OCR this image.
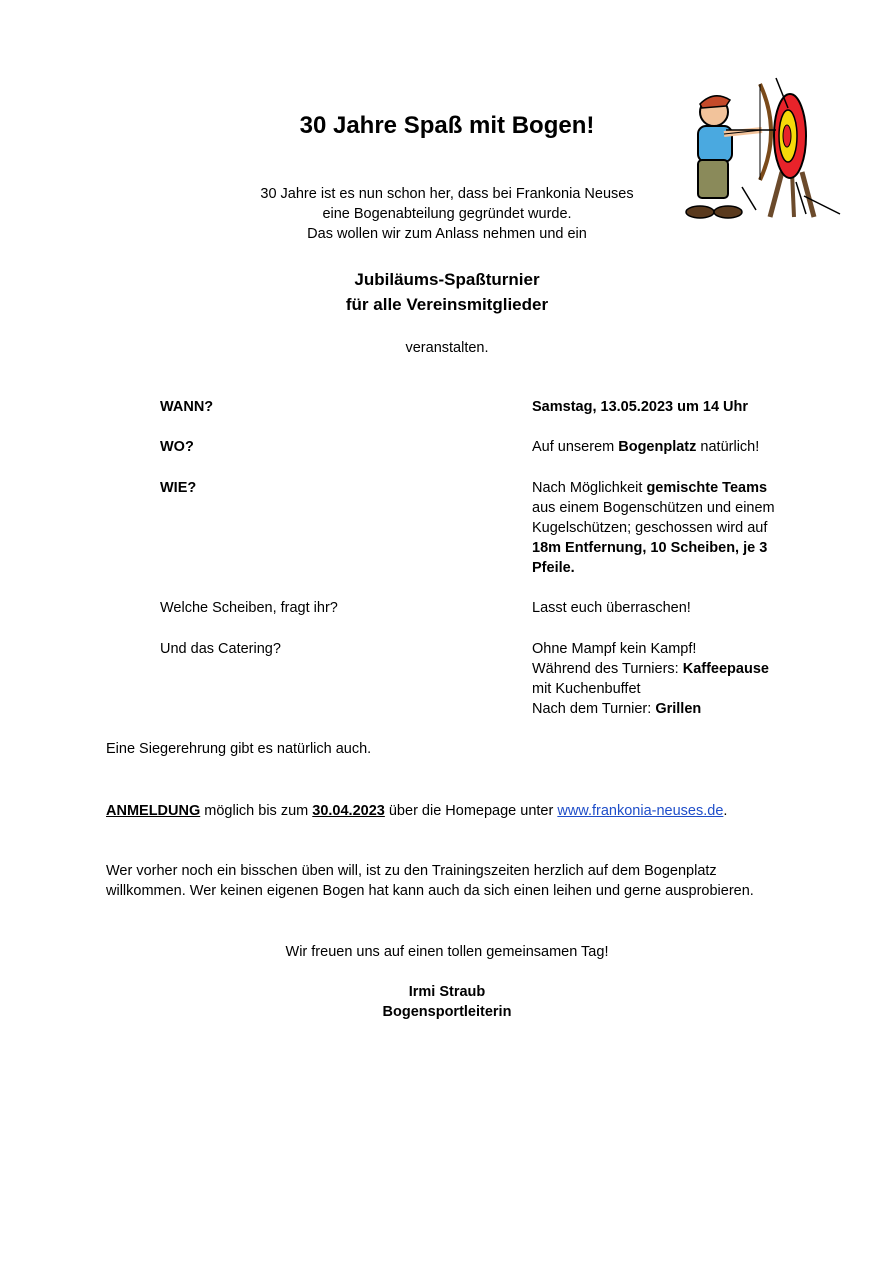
30 Jahre Spaß mit Bogen!
30 Jahre ist es nun schon her, dass bei Frankonia Neuses
eine Bogenabteilung gegründet wurde.
Das wollen wir zum Anlass nehmen und ein
Jubiläums-Spaßturnier
für alle Vereinsmitglieder
veranstalten.
WANN?	Samstag, 13.05.2023 um 14 Uhr
WO?	Auf unserem Bogenplatz natürlich!
WIE?	Nach Möglichkeit gemischte Teams
aus einem Bogenschützen und einem
Kugelschützen; geschossen wird auf
18m Entfernung, 10 Scheiben, je 3
Pfeile.
Welche Scheiben, fragt ihr?	Lasst euch überraschen!
Und das Catering?	Ohne Mampf kein Kampf!
Während des Turniers: Kaffeepause
mit Kuchenbuffet
Nach dem Turnier: Grillen
Eine Siegerehrung gibt es natürlich auch.
ANMELDUNG möglich bis zum 30.04.2023 über die Homepage unter www.frankonia-neuses.de.
Wer vorher noch ein bisschen üben will, ist zu den Trainingszeiten herzlich auf dem Bogenplatz
willkommen. Wer keinen eigenen Bogen hat kann auch da sich einen leihen und gerne ausprobieren.
Wir freuen uns auf einen tollen gemeinsamen Tag!
Irmi Straub
Bogensportleiterin
